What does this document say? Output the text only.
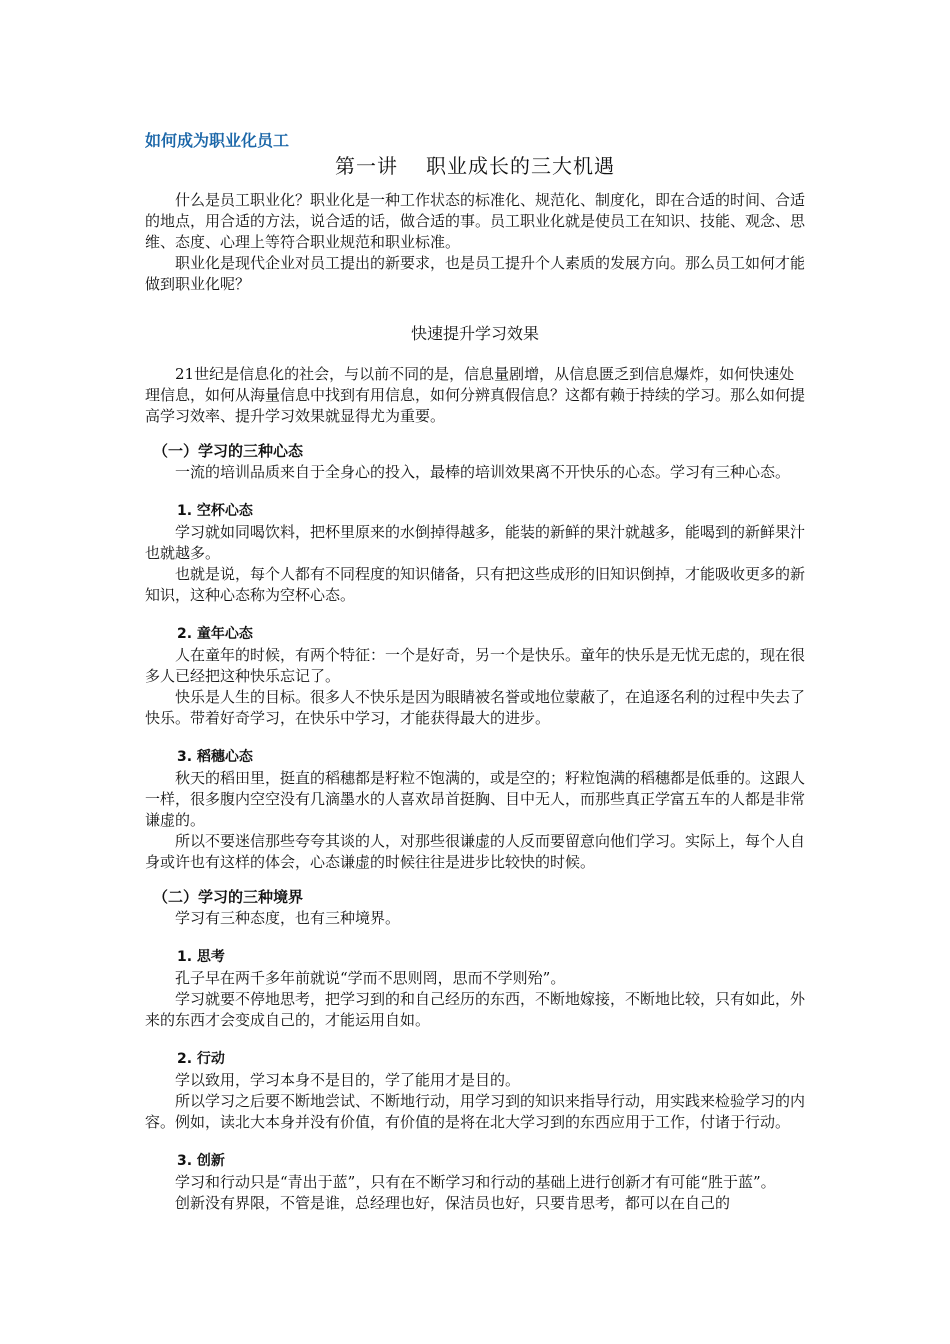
如何成为职业化员工
第一讲 职业成长的三大机遇

什么是员工职业化？职业化是一种工作状态的标准化、规范化、制度化，即在合适的时间、合适的地点，用合适的方法，说合适的话，做合适的事。员工职业化就是使员工在知识、技能、观念、思维、态度、心理上等符合职业规范和职业标准。

职业化是现代企业对员工提出的新要求，也是员工提升个人素质的发展方向。那么员工如何才能做到职业化呢？

快速提升学习效果

21世纪是信息化的社会，与以前不同的是，信息量剧增，从信息匮乏到信息爆炸，如何快速处理信息，如何从海量信息中找到有用信息，如何分辨真假信息？这都有赖于持续的学习。那么如何提高学习效率、提升学习效果就显得尤为重要。

（一）学习的三种心态

一流的培训品质来自于全身心的投入，最棒的培训效果离不开快乐的心态。学习有三种心态。

1. 空杯心态

学习就如同喝饮料，把杯里原来的水倒掉得越多，能装的新鲜的果汁就越多，能喝到的新鲜果汁也就越多。

也就是说，每个人都有不同程度的知识储备，只有把这些成形的旧知识倒掉，才能吸收更多的新知识，这种心态称为空杯心态。

2. 童年心态

人在童年的时候，有两个特征：一个是好奇，另一个是快乐。童年的快乐是无忧无虑的，现在很多人已经把这种快乐忘记了。

快乐是人生的目标。很多人不快乐是因为眼睛被名誉或地位蒙蔽了，在追逐名利的过程中失去了快乐。带着好奇学习，在快乐中学习，才能获得最大的进步。

3. 稻穗心态

秋天的稻田里，挺直的稻穗都是籽粒不饱满的，或是空的；籽粒饱满的稻穗都是低垂的。这跟人一样，很多腹内空空没有几滴墨水的人喜欢昂首挺胸、目中无人，而那些真正学富五车的人都是非常谦虚的。

所以不要迷信那些夸夸其谈的人，对那些很谦虚的人反而要留意向他们学习。实际上，每个人自身或许也有这样的体会，心态谦虚的时候往往是进步比较快的时候。

（二）学习的三种境界

学习有三种态度，也有三种境界。

1. 思考

孔子早在两千多年前就说“学而不思则罔，思而不学则殆”。

学习就要不停地思考，把学习到的和自己经历的东西，不断地嫁接，不断地比较，只有如此，外来的东西才会变成自己的，才能运用自如。

2. 行动

学以致用，学习本身不是目的，学了能用才是目的。

所以学习之后要不断地尝试、不断地行动，用学习到的知识来指导行动，用实践来检验学习的内容。例如，读北大本身并没有价值，有价值的是将在北大学习到的东西应用于工作，付诸于行动。

3. 创新

学习和行动只是“青出于蓝”，只有在不断学习和行动的基础上进行创新才有可能“胜于蓝”。

创新没有界限，不管是谁，总经理也好，保洁员也好，只要肯思考，都可以在自己的
